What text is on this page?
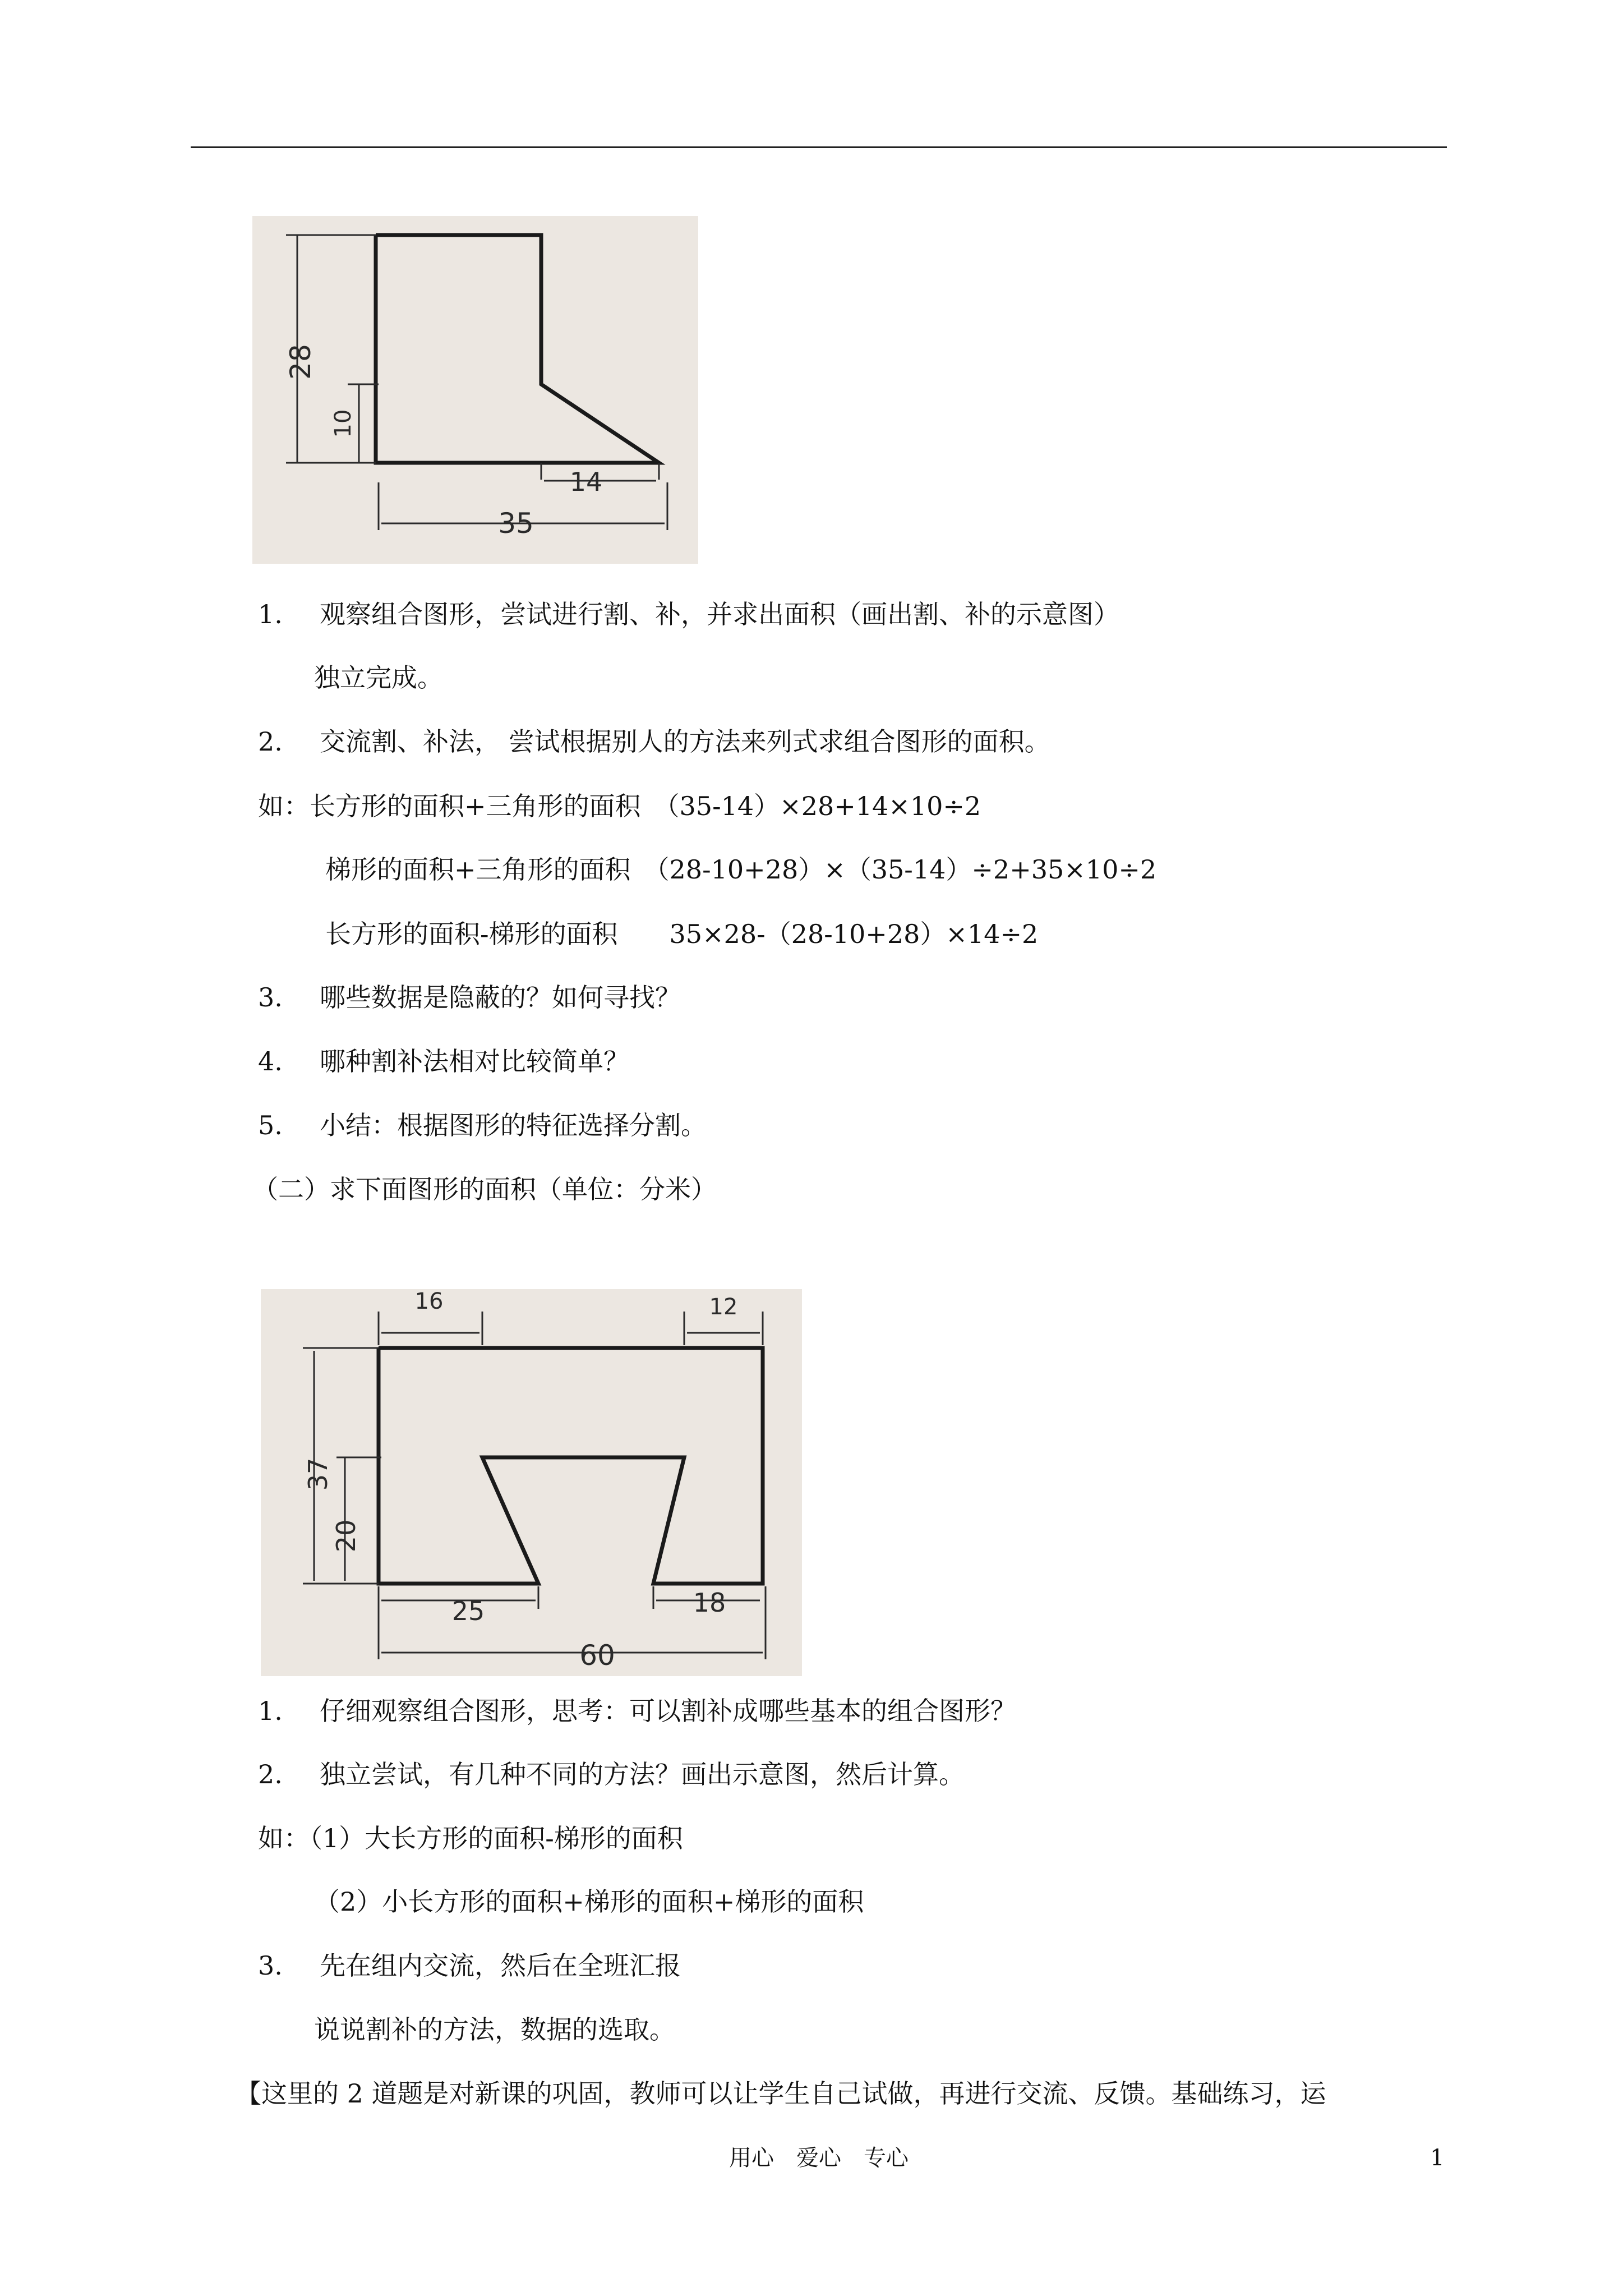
28
10
14
35
1. 观察组合图形，尝试进行割、补，并求出面积（画出割、补的示意图）
独立完成。
2. 交流割、补法， 尝试根据别人的方法来列式求组合图形的面积。
如：长方形的面积+三角形的面积　（35-14）×28+14×10÷2
梯形的面积+三角形的面积　（28-10+28）×（35-14）÷2+35×10÷2
长方形的面积-梯形的面积　　35×28-（28-10+28）×14÷2
3. 哪些数据是隐蔽的？如何寻找？
4. 哪种割补法相对比较简单？
5. 小结：根据图形的特征选择分割。
（二）求下面图形的面积（单位：分米）
16	12
37
20
25	18
60
1. 仔细观察组合图形，思考：可以割补成哪些基本的组合图形？
2. 独立尝试，有几种不同的方法？画出示意图，然后计算。
如：（1）大长方形的面积-梯形的面积
（2）小长方形的面积+梯形的面积+梯形的面积
3. 先在组内交流，然后在全班汇报
说说割补的方法，数据的选取。
【这里的 2 道题是对新课的巩固，教师可以让学生自己试做，再进行交流、反馈。基础练习，运
用心　爱心　专心	1
